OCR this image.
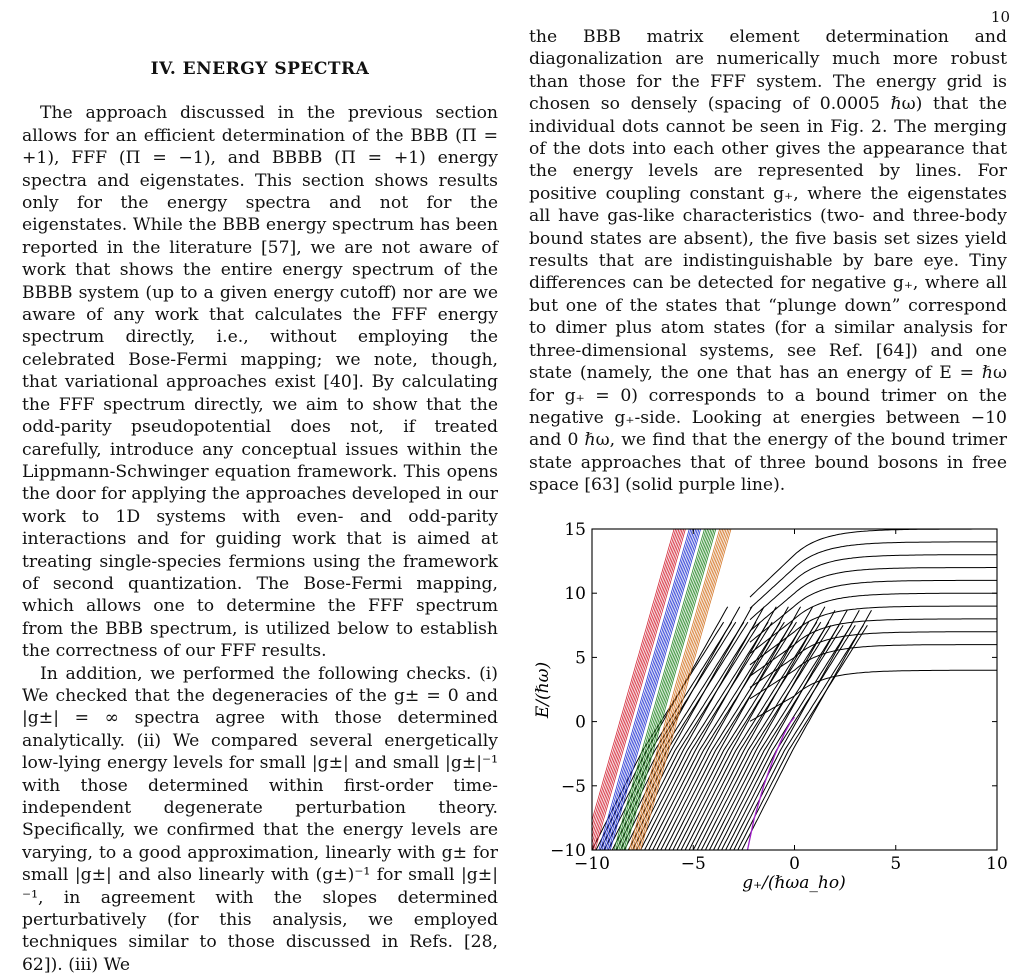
10
IV. ENERGY SPECTRA

The approach discussed in the previous section allows for an efficient determination of the BBB (Π = +1), FFF (Π = −1), and BBBB (Π = +1) energy spectra and eigenstates. This section shows results only for the energy spectra and not for the eigenstates. While the BBB energy spectrum has been reported in the literature [57], we are not aware of work that shows the entire energy spectrum of the BBBB system (up to a given energy cutoff) nor are we aware of any work that calculates the FFF energy spectrum directly, i.e., without employing the celebrated Bose-Fermi mapping; we note, though, that variational approaches exist [40]. By calculating the FFF spectrum directly, we aim to show that the odd-parity pseudopotential does not, if treated carefully, introduce any conceptual issues within the Lippmann-Schwinger equation framework. This opens the door for applying the approaches developed in our work to 1D systems with even- and odd-parity interactions and for guiding work that is aimed at treating single-species fermions using the framework of second quantization. The Bose-Fermi mapping, which allows one to determine the FFF spectrum from the BBB spectrum, is utilized below to establish the correctness of our FFF results.

In addition, we performed the following checks. (i) We checked that the degeneracies of the g± = 0 and |g±| = ∞ spectra agree with those determined analytically. (ii) We compared several energetically low-lying energy levels for small |g±| and small |g±|⁻¹ with those determined within first-order time-independent degenerate perturbation theory. Specifically, we confirmed that the energy levels are varying, to a good approximation, linearly with g± for small |g±| and also linearly with (g±)⁻¹ for small |g±|⁻¹, in agreement with the slopes determined perturbatively (for this analysis, we employed techniques similar to those discussed in Refs. [28, 62]). (iii) We

the BBB matrix element determination and diagonalization are numerically much more robust than those for the FFF system. The energy grid is chosen so densely (spacing of 0.0005 ℏω) that the individual dots cannot be seen in Fig. 2. The merging of the dots into each other gives the appearance that the energy levels are represented by lines. For positive coupling constant g₊, where the eigenstates all have gas-like characteristics (two- and three-body bound states are absent), the five basis set sizes yield results that are indistinguishable by bare eye. Tiny differences can be detected for negative g₊, where all but one of the states that “plunge down” correspond to dimer plus atom states (for a similar analysis for three-dimensional systems, see Ref. [64]) and one state (namely, the one that has an energy of E = ℏω for g₊ = 0) corresponds to a bound trimer on the negative g₊-side. Looking at energies between −10 and 0 ℏω, we find that the energy of the bound trimer state approaches that of three bound bosons in free space [63] (solid purple line).

−10	−5	0	5	10
−10
−5
0
5
10
15
g₊/(ℏωa_ho)
E/(ℏω)
